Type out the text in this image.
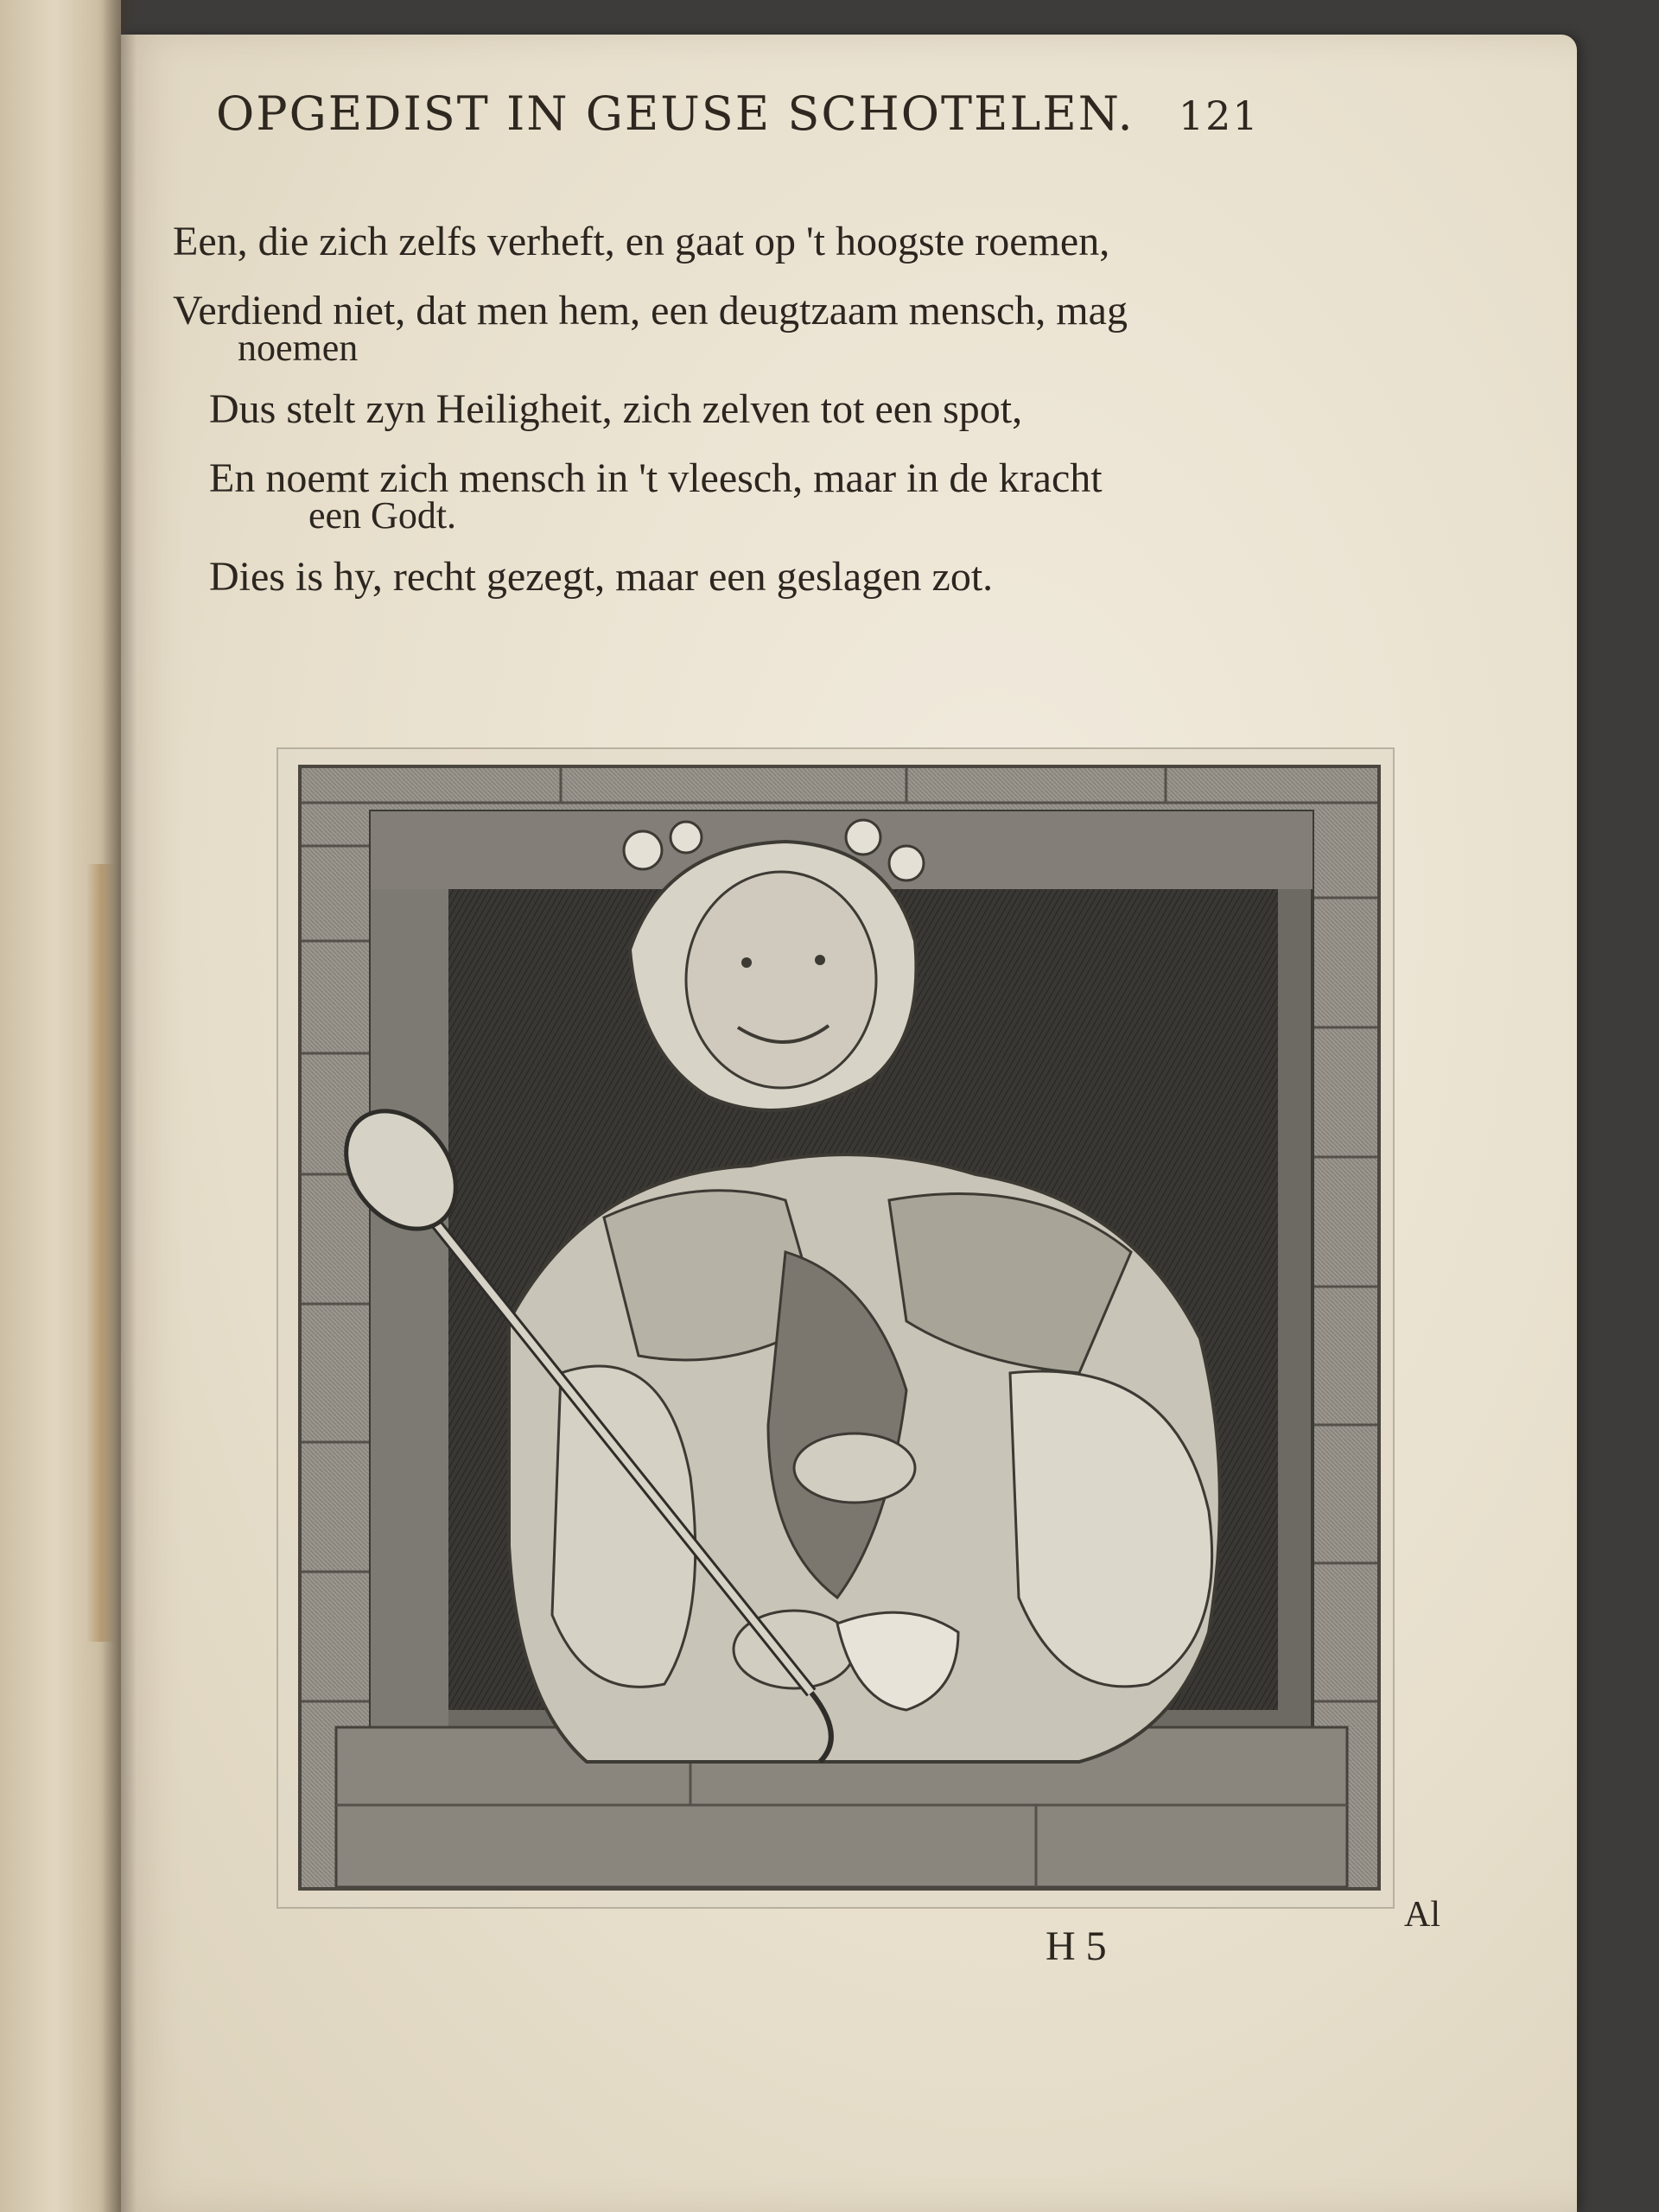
OPGEDIST IN GEUSE SCHOTELEN. 121
Een, die zich zelfs verheft, en gaat op 't hoogste roemen,
Verdiend niet, dat men hem, een deugtzaam mensch, mag
noemen
Dus stelt zyn Heiligheit, zich zelven tot een spot,
En noemt zich mensch in 't vleesch, maar in de kracht
een Godt.
Dies is hy, recht gezegt, maar een geslagen zot.
H 5
Al
